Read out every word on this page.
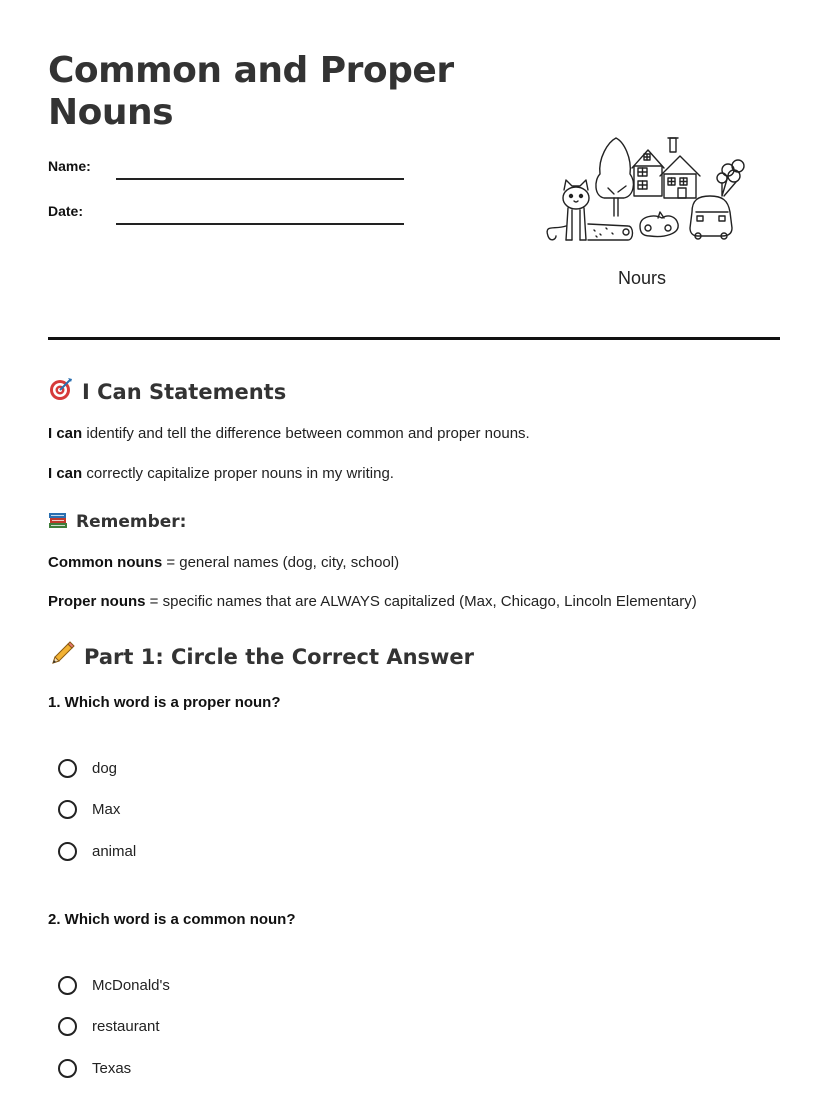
Common and Proper Nouns
Name:
Date:
Nours
I Can Statements

I can identify and tell the difference between common and proper nouns.

I can correctly capitalize proper nouns in my writing.

Remember:

Common nouns = general names (dog, city, school)

Proper nouns = specific names that are ALWAYS capitalized (Max, Chicago, Lincoln Elementary)

Part 1: Circle the Correct Answer

1. Which word is a proper noun?

dog
Max
animal

2. Which word is a common noun?

McDonald's
restaurant
Texas
